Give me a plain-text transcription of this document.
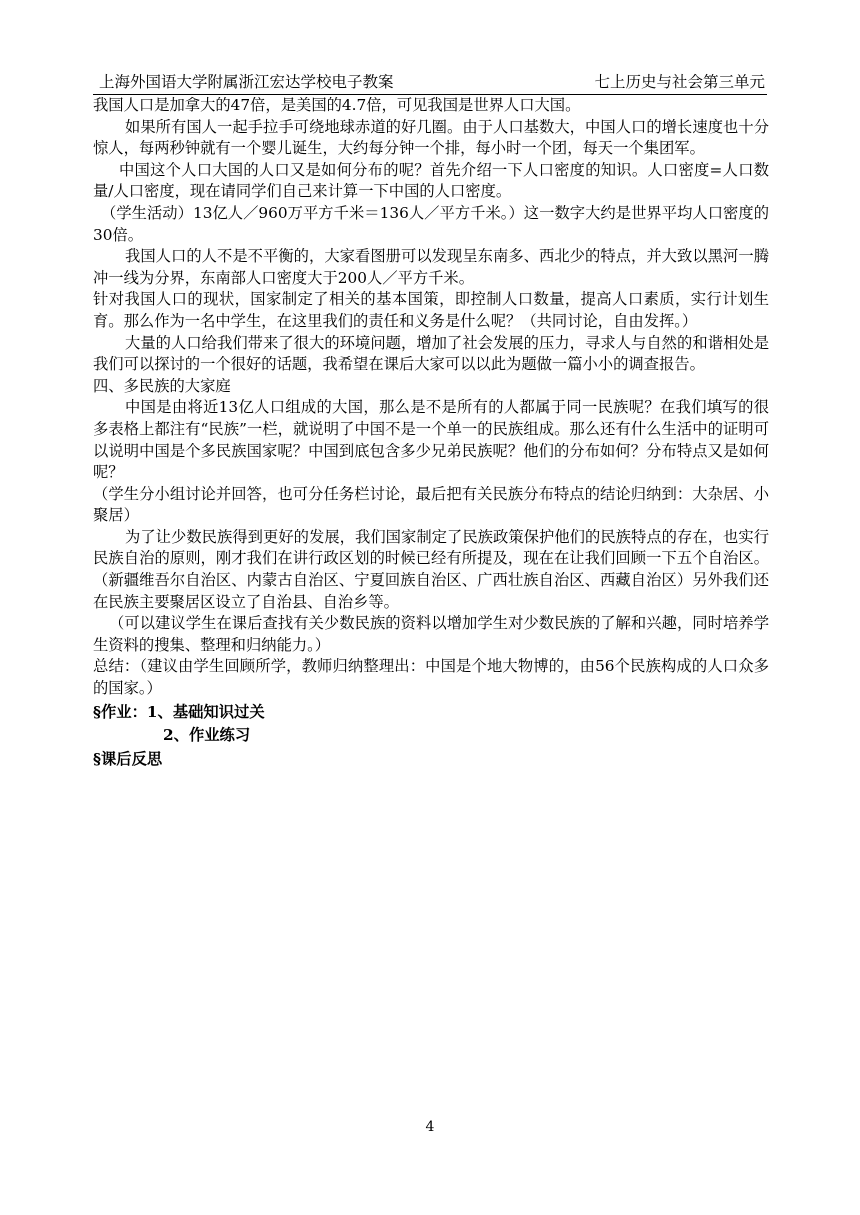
上海外国语大学附属浙江宏达学校电子教案	七上历史与社会第三单元

我国人口是加拿大的47倍，是美国的4.7倍，可见我国是世界人口大国。

如果所有国人一起手拉手可绕地球赤道的好几圈。由于人口基数大，中国人口的增长速度也十分惊人，每两秒钟就有一个婴儿诞生，大约每分钟一个排，每小时一个团，每天一个集团军。

中国这个人口大国的人口又是如何分布的呢？首先介绍一下人口密度的知识。人口密度=人口数量/人口密度，现在请同学们自己来计算一下中国的人口密度。

（学生活动）13亿人／960万平方千米＝136人／平方千米。）这一数字大约是世界平均人口密度的30倍。

我国人口的人不是不平衡的，大家看图册可以发现呈东南多、西北少的特点，并大致以黑河一腾冲一线为分界，东南部人口密度大于200人／平方千米。

针对我国人口的现状，国家制定了相关的基本国策，即控制人口数量，提高人口素质，实行计划生育。那么作为一名中学生，在这里我们的责任和义务是什么呢？（共同讨论，自由发挥。）

大量的人口给我们带来了很大的环境问题，增加了社会发展的压力，寻求人与自然的和谐相处是我们可以探讨的一个很好的话题，我希望在课后大家可以以此为题做一篇小小的调查报告。

四、多民族的大家庭

中国是由将近13亿人口组成的大国，那么是不是所有的人都属于同一民族呢？在我们填写的很多表格上都注有“民族”一栏，就说明了中国不是一个单一的民族组成。那么还有什么生活中的证明可以说明中国是个多民族国家呢？中国到底包含多少兄弟民族呢？他们的分布如何？分布特点又是如何呢？

（学生分小组讨论并回答，也可分任务栏讨论，最后把有关民族分布特点的结论归纳到：大杂居、小聚居）

为了让少数民族得到更好的发展，我们国家制定了民族政策保护他们的民族特点的存在，也实行民族自治的原则，刚才我们在讲行政区划的时候已经有所提及，现在在让我们回顾一下五个自治区。（新疆维吾尔自治区、内蒙古自治区、宁夏回族自治区、广西壮族自治区、西藏自治区）另外我们还在民族主要聚居区设立了自治县、自治乡等。

（可以建议学生在课后查找有关少数民族的资料以增加学生对少数民族的了解和兴趣，同时培养学生资料的搜集、整理和归纳能力。）

总结：（建议由学生回顾所学，教师归纳整理出：中国是个地大物博的，由56个民族构成的人口众多的国家。）

§作业：1、基础知识过关

2、作业练习

§课后反思

4
